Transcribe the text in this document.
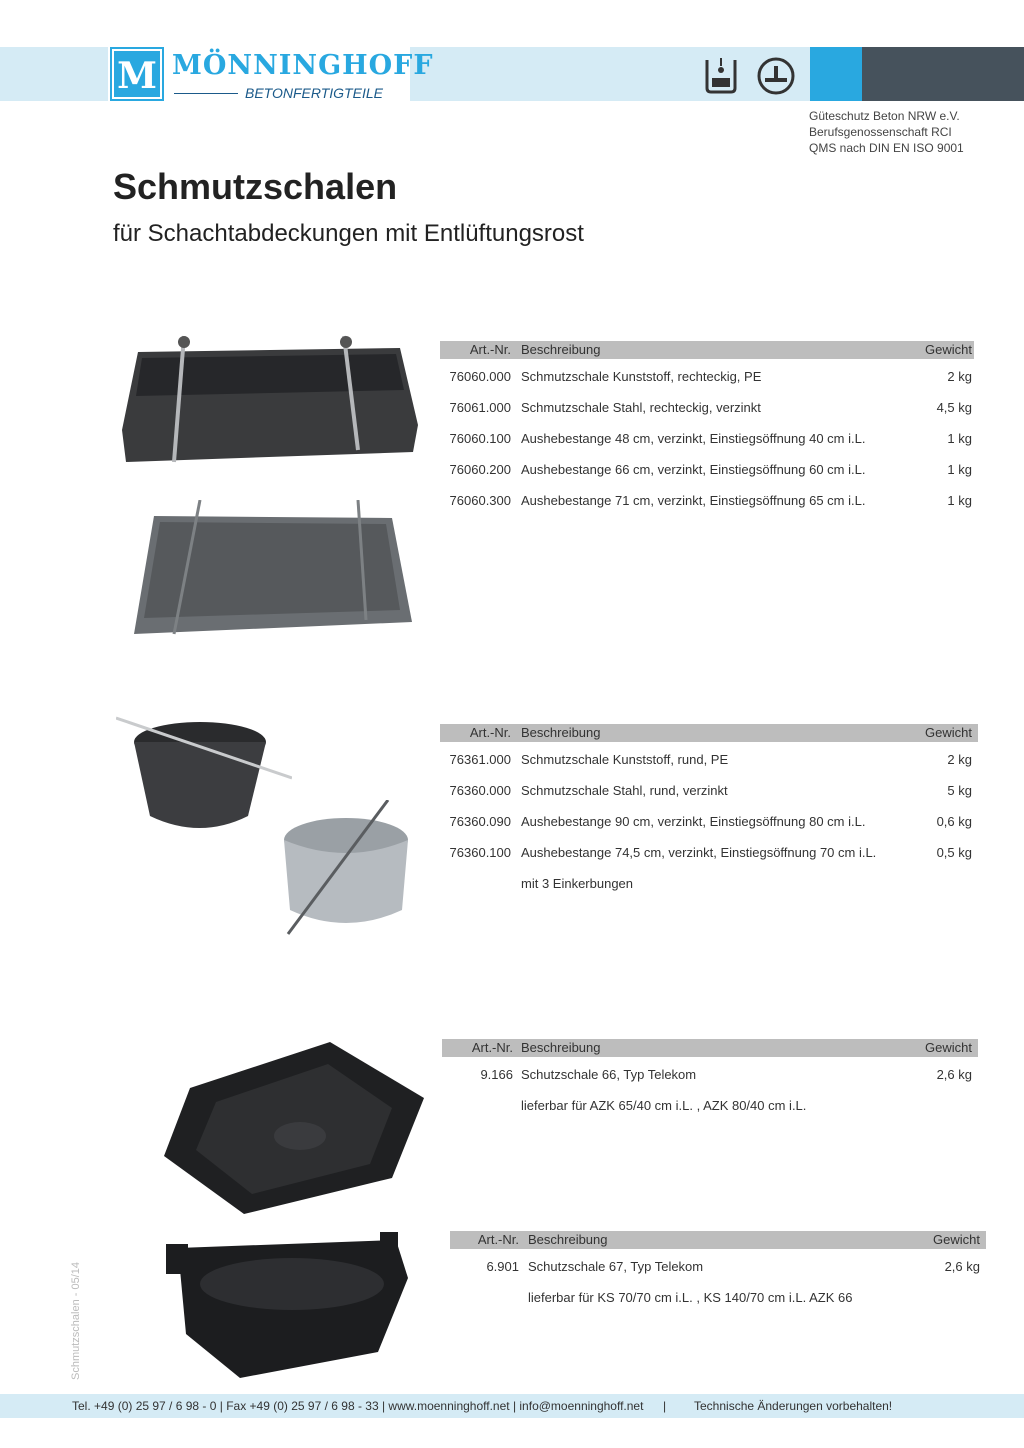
M MÖNNINGHOFF
BETONFERTIGTEILE
Güteschutz Beton NRW e.V.
Berufsgenossenschaft RCI
QMS nach DIN EN ISO 9001
Schmutzschalen
für Schachtabdeckungen mit Entlüftungsrost
Art.-Nr. Beschreibung	Gewicht
76060.000 Schmutzschale Kunststoff, rechteckig, PE	2 kg
76061.000 Schmutzschale Stahl, rechteckig, verzinkt	4,5 kg
76060.100 Aushebestange 48 cm, verzinkt, Einstiegsöffnung 40 cm i.L.	1 kg
76060.200 Aushebestange 66 cm, verzinkt, Einstiegsöffnung 60 cm i.L.	1 kg
76060.300 Aushebestange 71 cm, verzinkt, Einstiegsöffnung 65 cm i.L.	1 kg
Art.-Nr. Beschreibung	Gewicht
76361.000 Schmutzschale Kunststoff, rund, PE	2 kg
76360.000 Schmutzschale Stahl, rund, verzinkt	5 kg
76360.090 Aushebestange 90 cm, verzinkt, Einstiegsöffnung 80 cm i.L.	0,6 kg
76360.100 Aushebestange 74,5 cm, verzinkt, Einstiegsöffnung 70 cm i.L.	0,5 kg
mit 3 Einkerbungen
Art.-Nr. Beschreibung	Gewicht
9.166 Schutzschale 66, Typ Telekom	2,6 kg
lieferbar für AZK 65/40 cm i.L. , AZK 80/40 cm i.L.
Art.-Nr. Beschreibung	Gewicht
6.901 Schutzschale 67, Typ Telekom	2,6 kg
lieferbar für KS 70/70 cm i.L. , KS 140/70 cm i.L. AZK 66
Schmutzschalen - 05/14
Tel. +49 (0) 25 97 / 6 98 - 0 | Fax +49 (0) 25 97 / 6 98 - 33 | www.moenninghoff.net | info@moenninghoff.net | Technische Änderungen vorbehalten!
